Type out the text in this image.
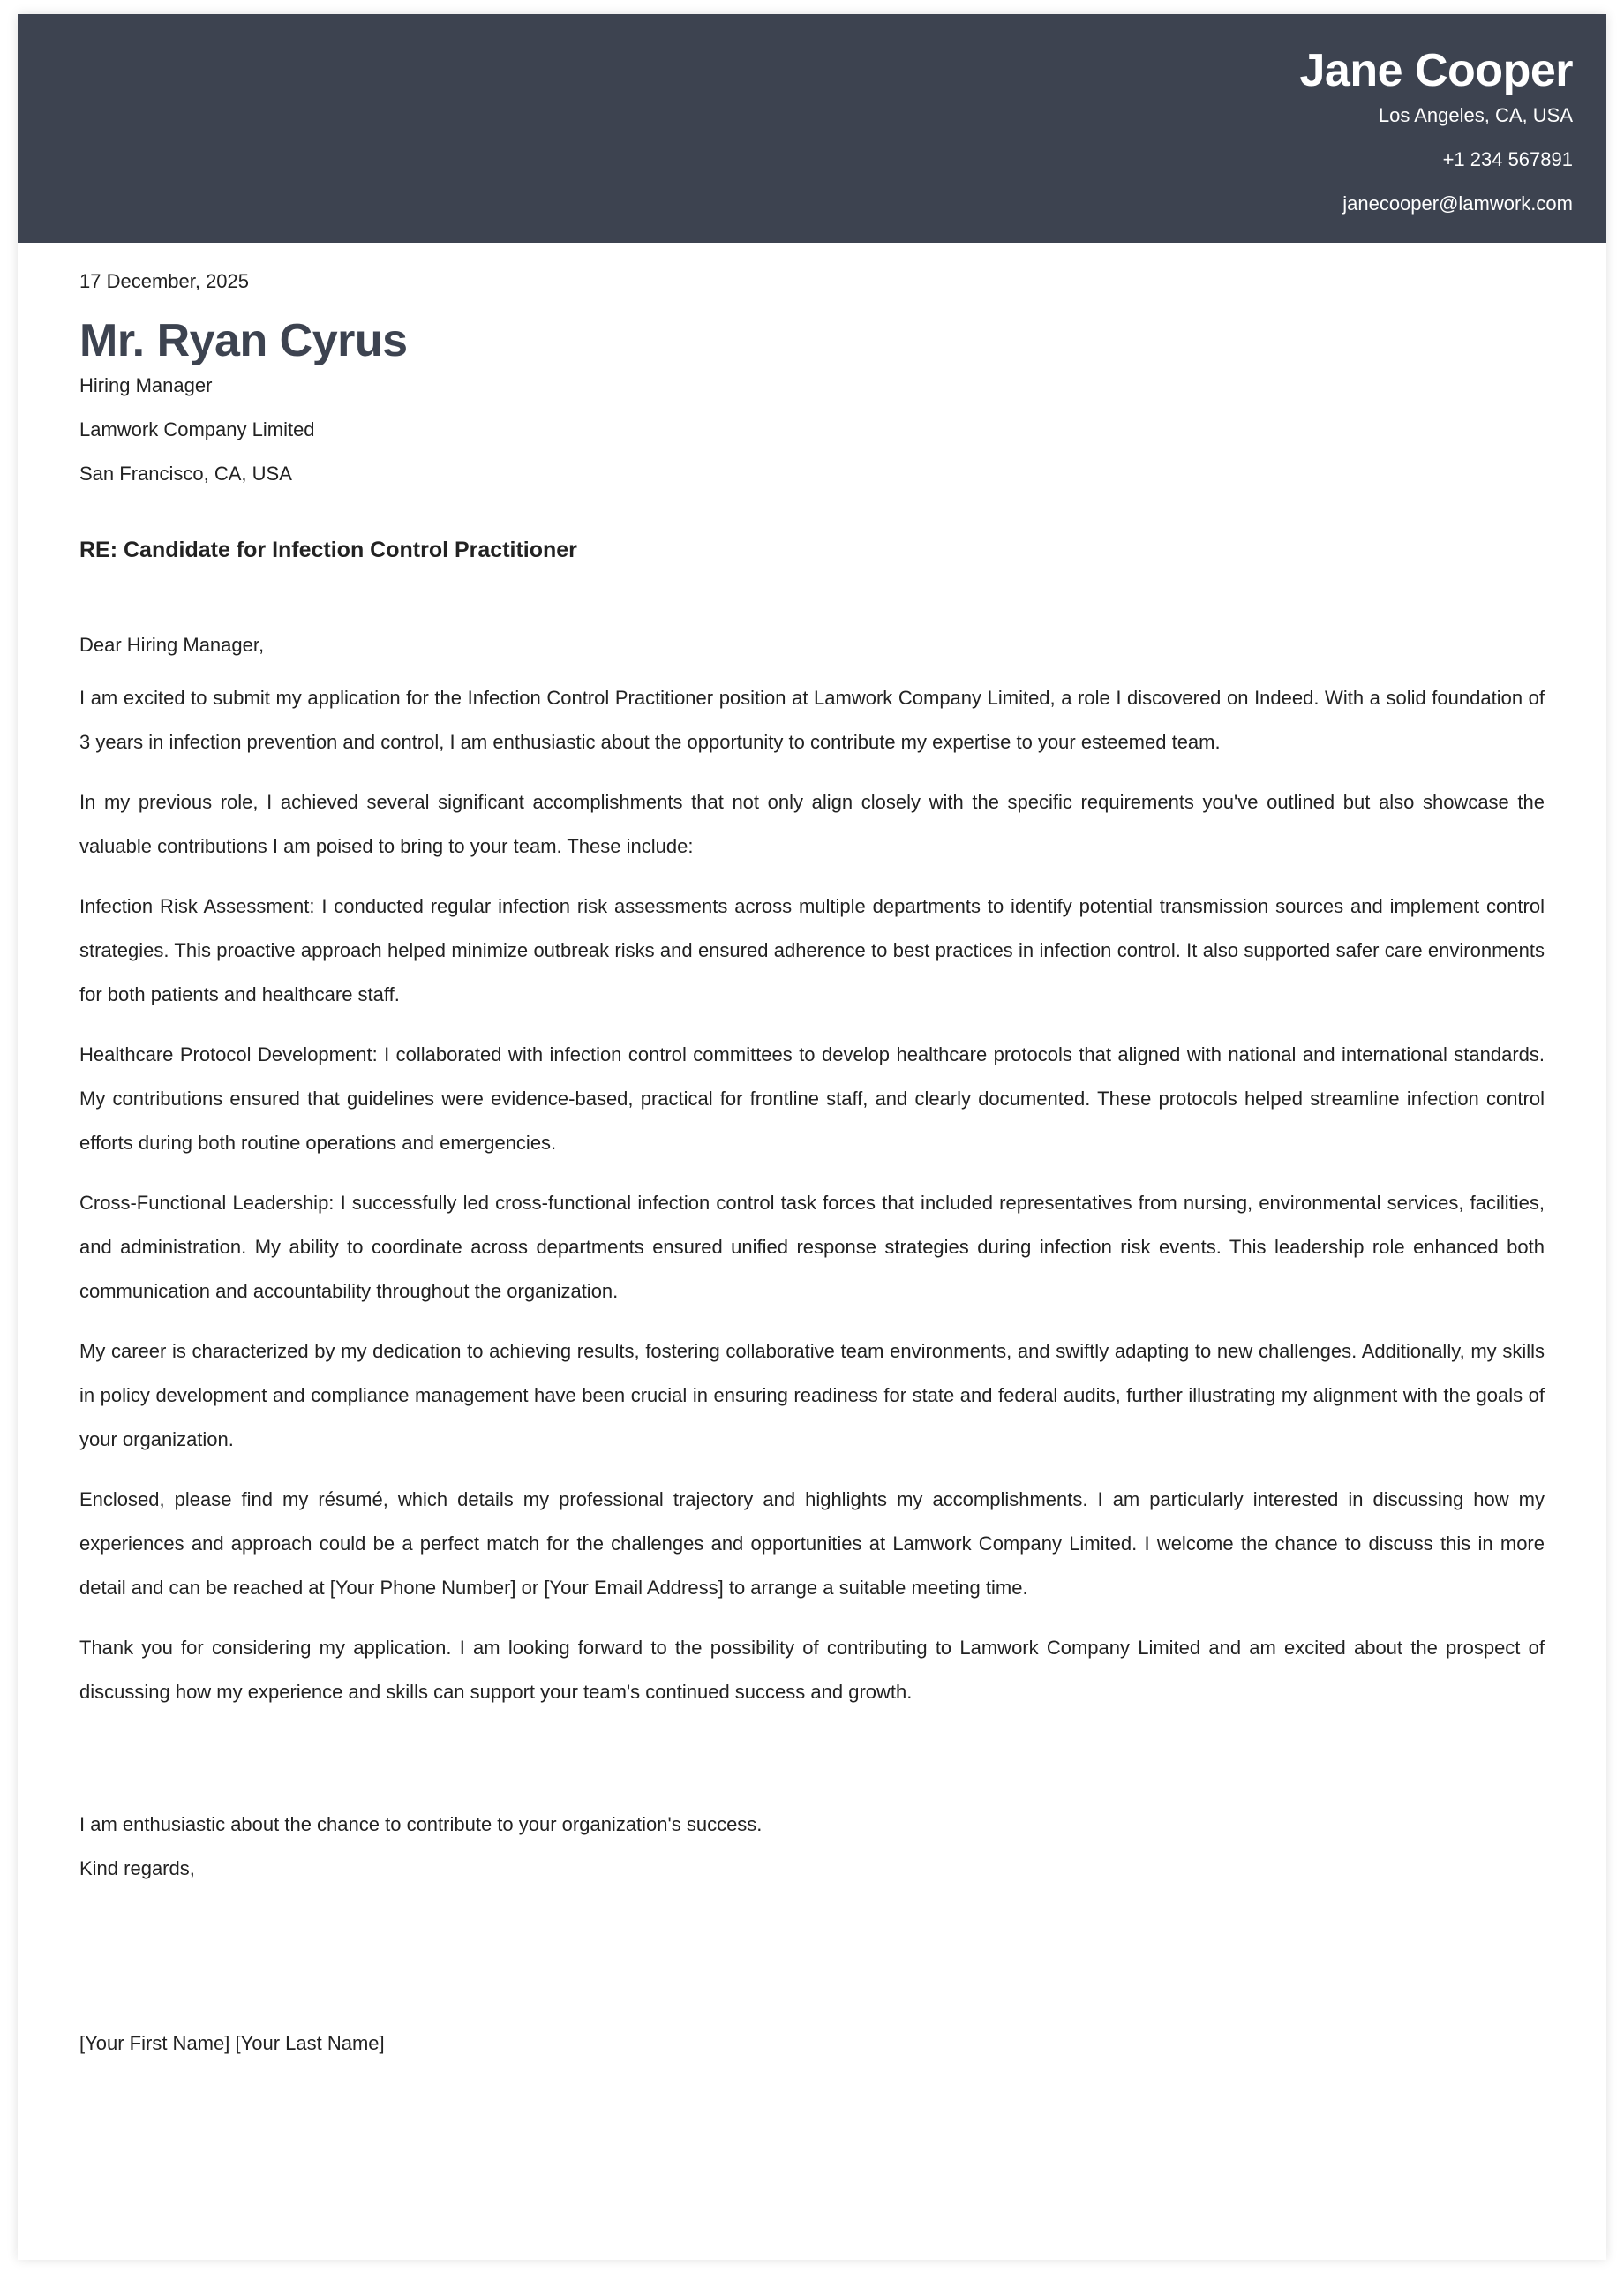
Jane Cooper
Los Angeles, CA, USA
+1 234 567891
janecooper@lamwork.com

17 December, 2025

Mr. Ryan Cyrus

Hiring Manager

Lamwork Company Limited

San Francisco, CA, USA

RE: Candidate for Infection Control Practitioner

Dear Hiring Manager,

I am excited to submit my application for the Infection Control Practitioner position at Lamwork Company Limited, a role I discovered on Indeed. With a solid foundation of 3 years in infection prevention and control, I am enthusiastic about the opportunity to contribute my expertise to your esteemed team.

In my previous role, I achieved several significant accomplishments that not only align closely with the specific requirements you've outlined but also showcase the valuable contributions I am poised to bring to your team. These include:

Infection Risk Assessment: I conducted regular infection risk assessments across multiple departments to identify potential transmission sources and implement control strategies. This proactive approach helped minimize outbreak risks and ensured adherence to best practices in infection control. It also supported safer care environments for both patients and healthcare staff.

Healthcare Protocol Development: I collaborated with infection control committees to develop healthcare protocols that aligned with national and international standards. My contributions ensured that guidelines were evidence-based, practical for frontline staff, and clearly documented. These protocols helped streamline infection control efforts during both routine operations and emergencies.

Cross-Functional Leadership: I successfully led cross-functional infection control task forces that included representatives from nursing, environmental services, facilities, and administration. My ability to coordinate across departments ensured unified response strategies during infection risk events. This leadership role enhanced both communication and accountability throughout the organization.

My career is characterized by my dedication to achieving results, fostering collaborative team environments, and swiftly adapting to new challenges. Additionally, my skills in policy development and compliance management have been crucial in ensuring readiness for state and federal audits, further illustrating my alignment with the goals of your organization.

Enclosed, please find my résumé, which details my professional trajectory and highlights my accomplishments. I am particularly interested in discussing how my experiences and approach could be a perfect match for the challenges and opportunities at Lamwork Company Limited. I welcome the chance to discuss this in more detail and can be reached at [Your Phone Number] or [Your Email Address] to arrange a suitable meeting time.

Thank you for considering my application. I am looking forward to the possibility of contributing to Lamwork Company Limited and am excited about the prospect of discussing how my experience and skills can support your team's continued success and growth.

I am enthusiastic about the chance to contribute to your organization's success.

Kind regards,

[Your First Name] [Your Last Name]
